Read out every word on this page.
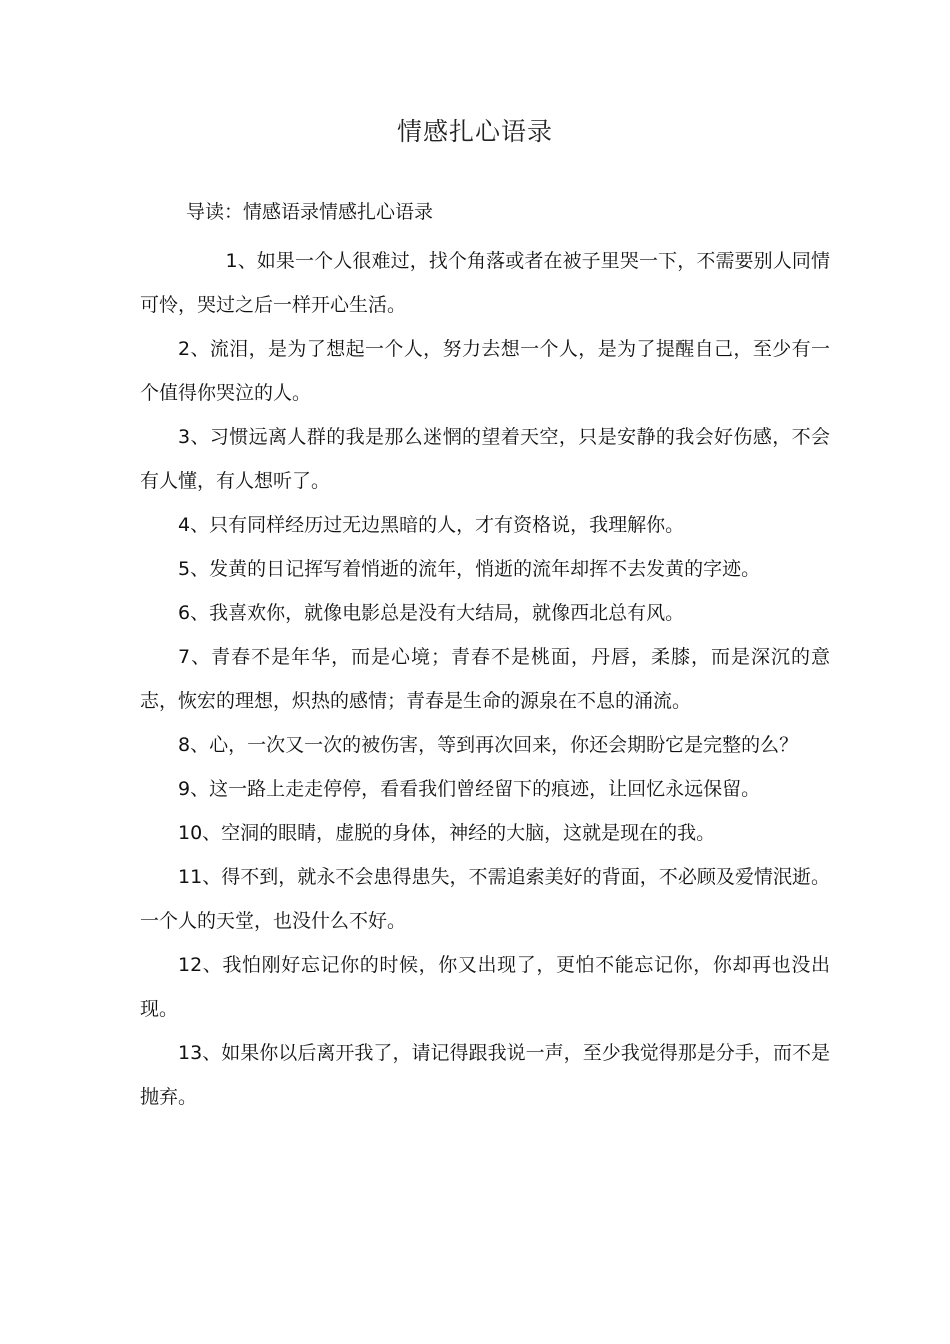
情感扎心语录
导读：情感语录情感扎心语录

1、如果一个人很难过，找个角落或者在被子里哭一下，不需要别人同情可怜，哭过之后一样开心生活。

2、流泪，是为了想起一个人，努力去想一个人，是为了提醒自己，至少有一个值得你哭泣的人。

3、习惯远离人群的我是那么迷惘的望着天空，只是安静的我会好伤感，不会有人懂，有人想听了。

4、只有同样经历过无边黑暗的人，才有资格说，我理解你。

5、发黄的日记挥写着悄逝的流年，悄逝的流年却挥不去发黄的字迹。

6、我喜欢你，就像电影总是没有大结局，就像西北总有风。

7、青春不是年华，而是心境；青春不是桃面，丹唇，柔膝，而是深沉的意志，恢宏的理想，炽热的感情；青春是生命的源泉在不息的涌流。

8、心，一次又一次的被伤害，等到再次回来，你还会期盼它是完整的么？

9、这一路上走走停停，看看我们曾经留下的痕迹，让回忆永远保留。

10、空洞的眼睛，虚脱的身体，神经的大脑，这就是现在的我。

11、得不到，就永不会患得患失，不需追索美好的背面，不必顾及爱情泯逝。一个人的天堂，也没什么不好。

12、我怕刚好忘记你的时候，你又出现了，更怕不能忘记你，你却再也没出现。

13、如果你以后离开我了，请记得跟我说一声，至少我觉得那是分手，而不是抛弃。
